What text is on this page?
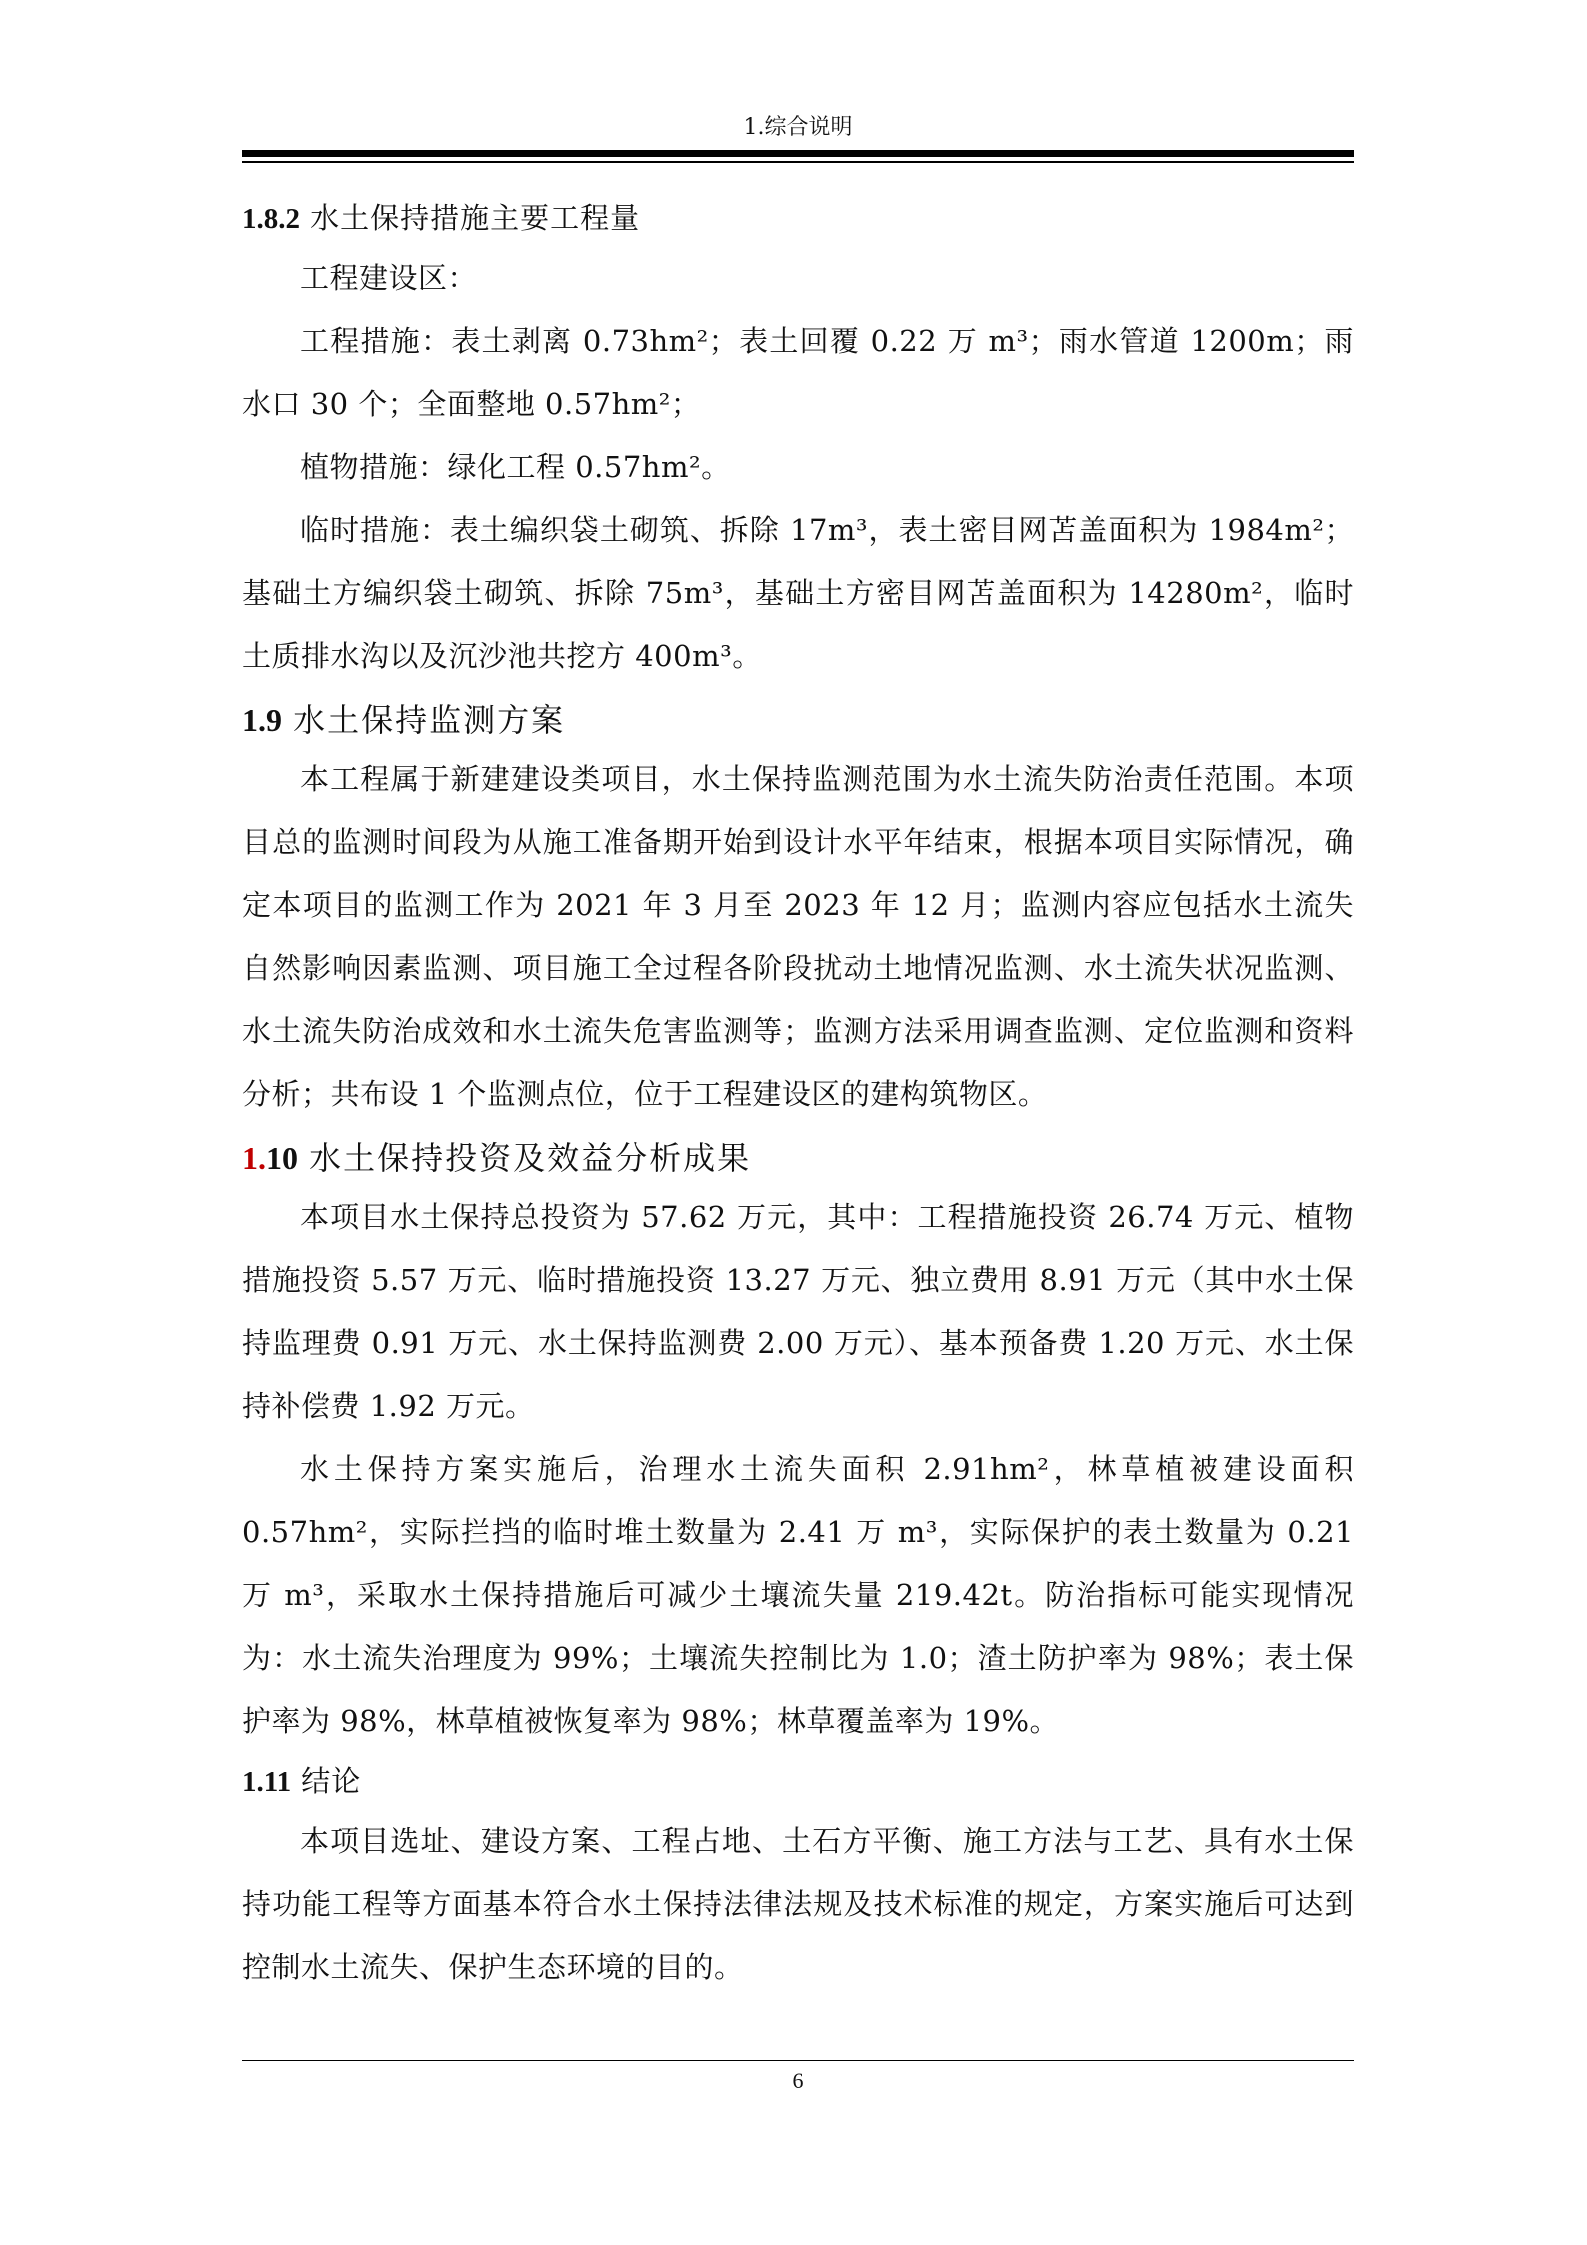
1.综合说明
1.8.2 水土保持措施主要工程量

工程建设区：

工程措施：表土剥离 0.73hm²；表土回覆 0.22 万 m³；雨水管道 1200m；雨水口 30 个；全面整地 0.57hm²；

植物措施：绿化工程 0.57hm²。

临时措施：表土编织袋土砌筑、拆除 17m³，表土密目网苫盖面积为 1984m²；基础土方编织袋土砌筑、拆除 75m³，基础土方密目网苫盖面积为 14280m²，临时土质排水沟以及沉沙池共挖方 400m³。

1.9 水土保持监测方案

本工程属于新建建设类项目，水土保持监测范围为水土流失防治责任范围。本项目总的监测时间段为从施工准备期开始到设计水平年结束，根据本项目实际情况，确定本项目的监测工作为 2021 年 3 月至 2023 年 12 月；监测内容应包括水土流失自然影响因素监测、项目施工全过程各阶段扰动土地情况监测、水土流失状况监测、水土流失防治成效和水土流失危害监测等；监测方法采用调查监测、定位监测和资料分析；共布设 1 个监测点位，位于工程建设区的建构筑物区。

1.10 水土保持投资及效益分析成果

本项目水土保持总投资为 57.62 万元，其中：工程措施投资 26.74 万元、植物措施投资 5.57 万元、临时措施投资 13.27 万元、独立费用 8.91 万元（其中水土保持监理费 0.91 万元、水土保持监测费 2.00 万元）、基本预备费 1.20 万元、水土保持补偿费 1.92 万元。

水土保持方案实施后，治理水土流失面积 2.91hm²，林草植被建设面积 0.57hm²，实际拦挡的临时堆土数量为 2.41 万 m³，实际保护的表土数量为 0.21 万 m³，采取水土保持措施后可减少土壤流失量 219.42t。防治指标可能实现情况为：水土流失治理度为 99%；土壤流失控制比为 1.0；渣土防护率为 98%；表土保护率为 98%，林草植被恢复率为 98%；林草覆盖率为 19%。

1.11 结论

本项目选址、建设方案、工程占地、土石方平衡、施工方法与工艺、具有水土保持功能工程等方面基本符合水土保持法律法规及技术标准的规定，方案实施后可达到控制水土流失、保护生态环境的目的。

6
